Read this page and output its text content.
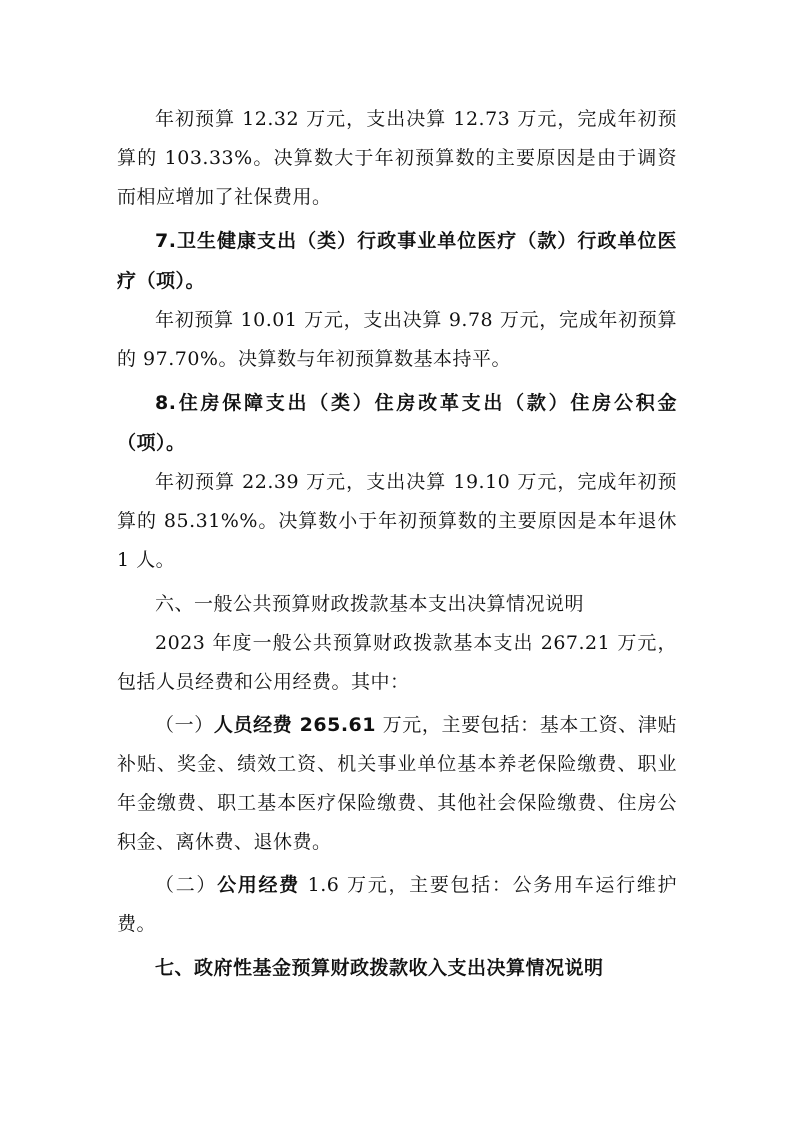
年初预算 12.32 万元，支出决算 12.73 万元，完成年初预算的 103.33%。决算数大于年初预算数的主要原因是由于调资而相应增加了社保费用。

7.卫生健康支出（类）行政事业单位医疗（款）行政单位医疗（项）。

年初预算 10.01 万元，支出决算 9.78 万元，完成年初预算的 97.70%。决算数与年初预算数基本持平。

8.住房保障支出（类）住房改革支出（款）住房公积金（项）。

年初预算 22.39 万元，支出决算 19.10 万元，完成年初预算的 85.31%%。决算数小于年初预算数的主要原因是本年退休 1 人。

六、一般公共预算财政拨款基本支出决算情况说明

2023 年度一般公共预算财政拨款基本支出 267.21 万元，包括人员经费和公用经费。其中：

（一）人员经费 265.61 万元，主要包括：基本工资、津贴补贴、奖金、绩效工资、机关事业单位基本养老保险缴费、职业年金缴费、职工基本医疗保险缴费、其他社会保险缴费、住房公积金、离休费、退休费。

（二）公用经费 1.6 万元，主要包括：公务用车运行维护费。

七、政府性基金预算财政拨款收入支出决算情况说明
